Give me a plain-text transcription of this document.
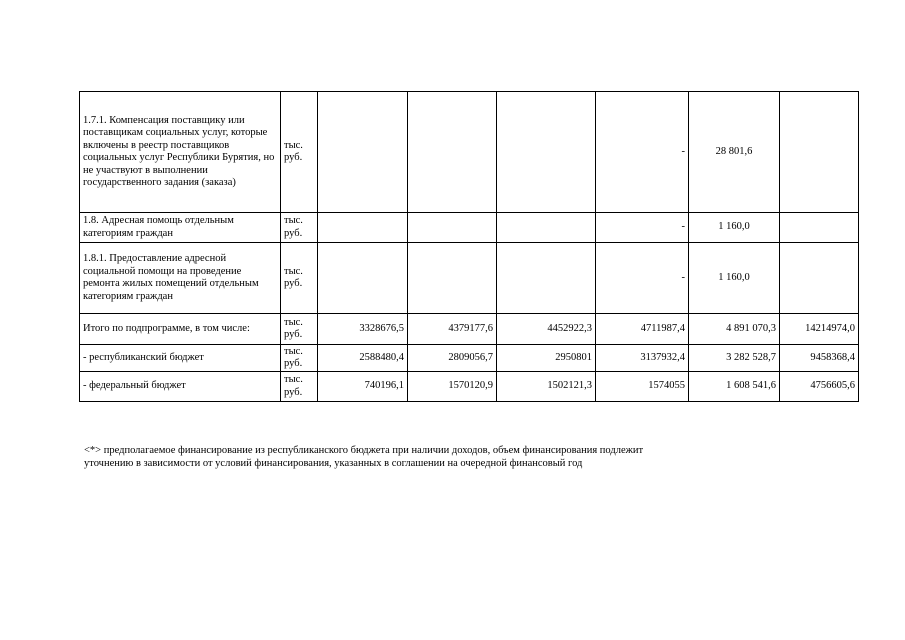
1.7.1. Компенсация поставщику или поставщикам социальных услуг, которые включены в реестр поставщиков социальных услуг Республики Бурятия, но не участвуют в выполнении государственного задания (заказа)	тыс. руб.				-	28 801,6	
1.8. Адресная помощь отдельным категориям граждан	тыс. руб.				-	1 160,0	
1.8.1. Предоставление адресной социальной помощи на проведение ремонта жилых помещений отдельным категориям граждан	тыс. руб.				-	1 160,0	
Итого по подпрограмме, в том числе:	тыс. руб.	3328676,5	4379177,6	4452922,3	4711987,4	4 891 070,3	14214974,0
- республиканский бюджет	тыс. руб.	2588480,4	2809056,7	2950801	3137932,4	3 282 528,7	9458368,4
- федеральный бюджет	тыс. руб.	740196,1	1570120,9	1502121,3	1574055	1 608 541,6	4756605,6
<*> предполагаемое финансирование из республиканского бюджета при наличии доходов, объем финансирования подлежит
уточнению в зависимости от условий финансирования, указанных в соглашении на очередной финансовый год
